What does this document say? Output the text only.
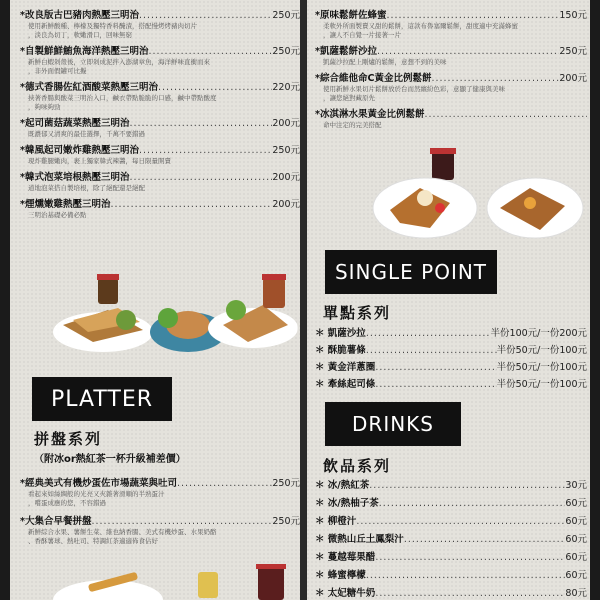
*改良版古巴豬肉熱壓三明治 .....	250元
使用新鮮酸種、檸檬及獨特香料醃漬，搭配慢烤烤豬肉切片
，淡良為切丁，軟嫩滑口，回味無窮
*自製鮮鮮鮪魚海洋熱壓三明治 .....	250元
新鮮白蝦剁殼後，立即剁成泥拌入澎湖章魚，海洋鮮味直衝而來
，非外面假罐可比擬
*德式香腸佐紅酒酸菜熱壓三明治 .....	220元
挾著香腸與酸菜三明治入口，鹹衣帶點脆脆的口感，鹹中帶點酸度
，夠味夠勁
*起司菌菇蔬菜熱壓三明治 .....	200元
既濃郁又清爽的最佳選擇，千萬不要錯過
*韓風起司嫩炸雞熱壓三明治 .....	250元
現炸雞腿嫩肉，裹上獨家韓式辣醬，每日限量開賣
*韓式泡菜培根熱壓三明治 .....	200元
道地泡菜搭自製培根，除了絕配還是絕配
*煙燻嫩雞熱壓三明治 .....	200元
三明治基礎必備必點
PLATTER
拼盤系列
（附冰or熱紅茶一杯升級補差價）
*經典美式有機炒蛋佐市場蔬菜與吐司 .....	250元
看起來如絲綢般的光亮又夾雜著滑順的半熟蛋汁
，嚐蛋成應的您，不容錯過
*大集合早餐拼盤 .....	250元
新鮮綜合水果、薯餅生菜、維也納香腸、美式有機炒蛋、水果奶酪
、香酥薯球、熱吐司、特調紅茶適適佈食佔好
*原味鬆餅佐蜂蜜 .....	150元
柔軟外所面製賣又甜的鬆餅，這款布魯塞爾鬆餅，甜度適中充滿蜂蜜
，讓人不自覺一片接著一片
*凱薩鬆餅沙拉 .....	250元
凱薩沙拉配上剛爐的鬆餅，意想不到的美味
*綜合維他命C黃金比例鬆餅 .....	200元
使用新鮮水果切片鬆餅放於台而然繽紛色彩，意顯了健康與美味
，讓您絕對藏原先
*冰淇淋水果黃金比例鬆餅
.....
命中注定的完美搭配
SINGLE POINT
單點系列
＊ 凱薩沙拉 .....	半份100元/一份200元
＊ 酥脆薯條 .....	半份50元/一份100元
＊ 黃金洋蔥圈 .....	半份50元/一份100元
＊ 牽絲起司條 .....	半份50元/一份100元
DRINKS
飲品系列
＊ 冰/熱紅茶 .....	30元
＊ 冰/熱柚子茶 .....	60元
＊ 柳橙汁 .....	60元
＊ 微熱山丘土鳳梨汁 .....	60元
＊ 蔓越莓果醋 .....	60元
＊ 蜂蜜檸檬 .....	60元
＊ 太妃糖牛奶 .....	80元
